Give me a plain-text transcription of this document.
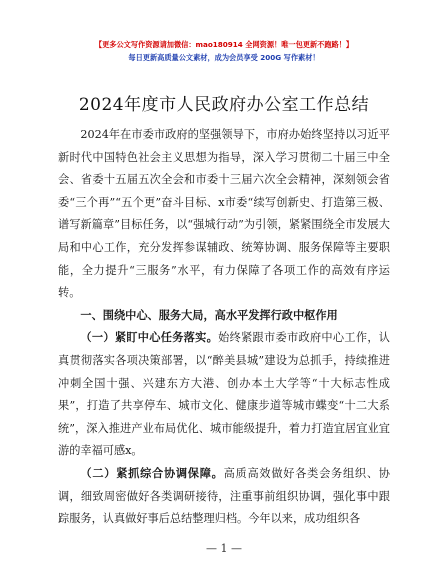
【更多公文写作资源请加微信：mao180914 全网资源！唯一包更新不跑路！】
每日更新高质量公文素材，成为会员享受 200G 写作素材！
2024年度市人民政府办公室工作总结

2024年在市委市政府的坚强领导下，市府办始终坚持以习近平新时代中国特色社会主义思想为指导，深入学习贯彻二十届三中全会、省委十五届五次全会和市委十三届六次全会精神，深刻领会省委“三个再”“五个更”奋斗目标、x市委“续写创新史、打造第三极、谱写新篇章”目标任务，以“强城行动”为引领，紧紧围绕全市发展大局和中心工作，充分发挥参谋辅政、统筹协调、服务保障等主要职能，全力提升“三服务”水平，有力保障了各项工作的高效有序运转。

一、围绕中心、服务大局，高水平发挥行政中枢作用

（一）紧盯中心任务落实。始终紧跟市委市政府中心工作，认真贯彻落实各项决策部署，以“醉美县城”建设为总抓手，持续推进冲刺全国十强、兴建东方大港、创办本土大学等“十大标志性成果”，打造了共享停车、城市文化、健康步道等城市蝶变“十二大系统”，深入推进产业布局优化、城市能级提升，着力打造宜居宜业宜游的幸福可感x。

（二）紧抓综合协调保障。高质高效做好各类会务组织、协调，细致周密做好各类调研接待，注重事前组织协调，强化事中跟踪服务，认真做好事后总结整理归档。今年以来，成功组织各

— 1 —
